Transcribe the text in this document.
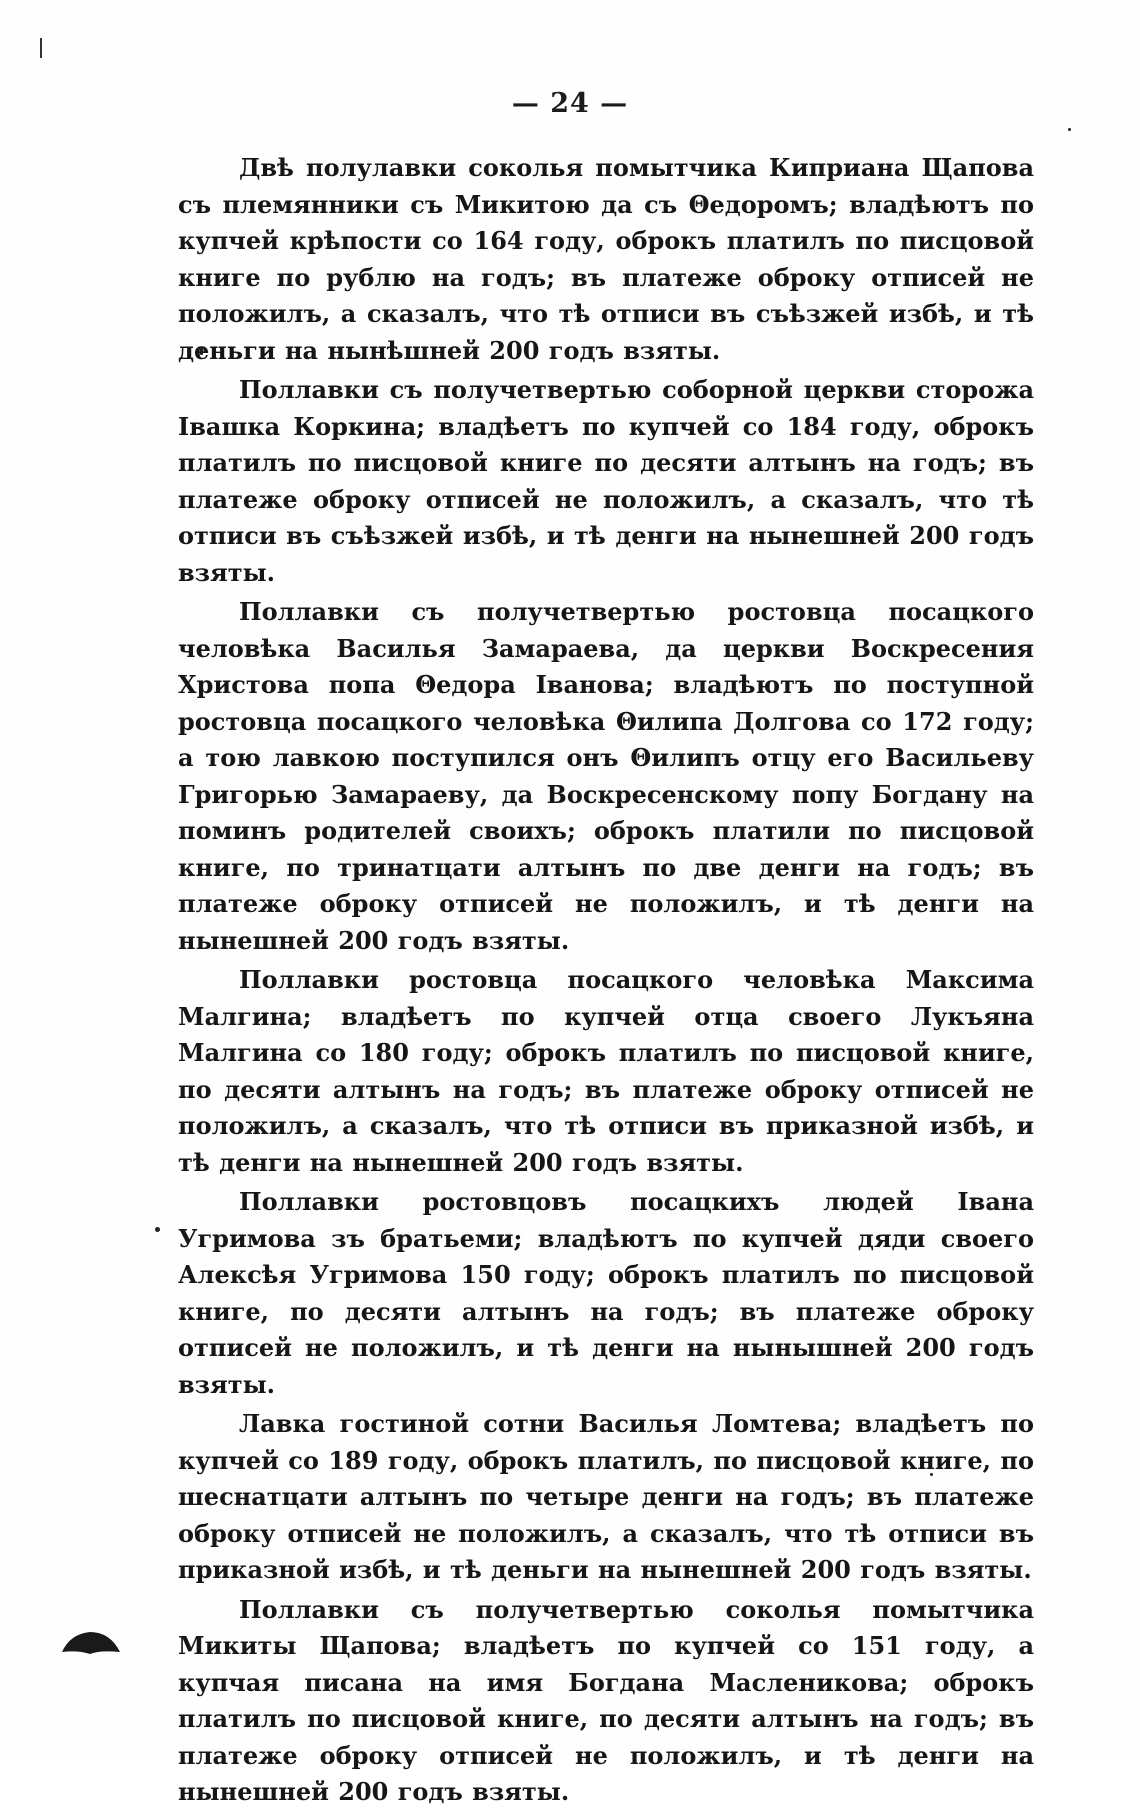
— 24 —

Двѣ полулавки соколья помытчика Киприана Щапова съ племянники съ Микитою да съ Θедоромъ; владѣютъ по купчей крѣпости со 164 году, оброкъ платилъ по писцовой книге по рублю на годъ; въ платеже оброку отписей не положилъ, а сказалъ, что тѣ отписи въ съѣзжей избѣ, и тѣ деньги на нынѣшней 200 годъ взяты.

Поллавки съ получетвертью соборной церкви сторожа Івашка Коркина; владѣетъ по купчей со 184 году, оброкъ платилъ по писцовой книге по десяти алтынъ на годъ; въ платеже оброку отписей не положилъ, а сказалъ, что тѣ отписи въ съѣзжей избѣ, и тѣ денги на нынешней 200 годъ взяты.

Поллавки съ получетвертью ростовца посацкого человѣка Василья Замараева, да церкви Воскресения Христова попа Θедора Іванова; владѣютъ по поступной ростовца посацкого человѣка Θилипа Долгова со 172 году; а тою лавкою поступился онъ Θилипъ отцу его Васильеву Григорью Замараеву, да Воскресенскому попу Богдану на поминъ родителей своихъ; оброкъ платили по писцовой книге, по тринатцати алтынъ по две денги на годъ; въ платеже оброку отписей не положилъ, и тѣ денги на нынешней 200 годъ взяты.

Поллавки ростовца посацкого человѣка Максима Малгина; владѣетъ по купчей отца своего Лукъяна Малгина со 180 году; оброкъ платилъ по писцовой книге, по десяти алтынъ на годъ; въ платеже оброку отписей не положилъ, а сказалъ, что тѣ отписи въ приказной избѣ, и тѣ денги на нынешней 200 годъ взяты.

Поллавки ростовцовъ посацкихъ людей Івана Угримова зъ братьеми; владѣютъ по купчей дяди своего Алексѣя Угримова 150 году; оброкъ платилъ по писцовой книге, по десяти алтынъ на годъ; въ платеже оброку отписей не положилъ, и тѣ денги на нынышней 200 годъ взяты.

Лавка гостиной сотни Василья Ломтева; владѣетъ по купчей со 189 году, оброкъ платилъ, по писцовой книге, по шеснатцати алтынъ по четыре денги на годъ; въ платеже оброку отписей не положилъ, а сказалъ, что тѣ отписи въ приказной избѣ, и тѣ деньги на нынешней 200 годъ взяты.

Поллавки съ получетвертью соколья помытчика Микиты Щапова; владѣетъ по купчей со 151 году, а купчая писана на имя Богдана Масленикова; оброкъ платилъ по писцовой книге, по десяти алтынъ на годъ; въ платеже оброку отписей не положилъ, и тѣ денги на нынешней 200 годъ взяты.
